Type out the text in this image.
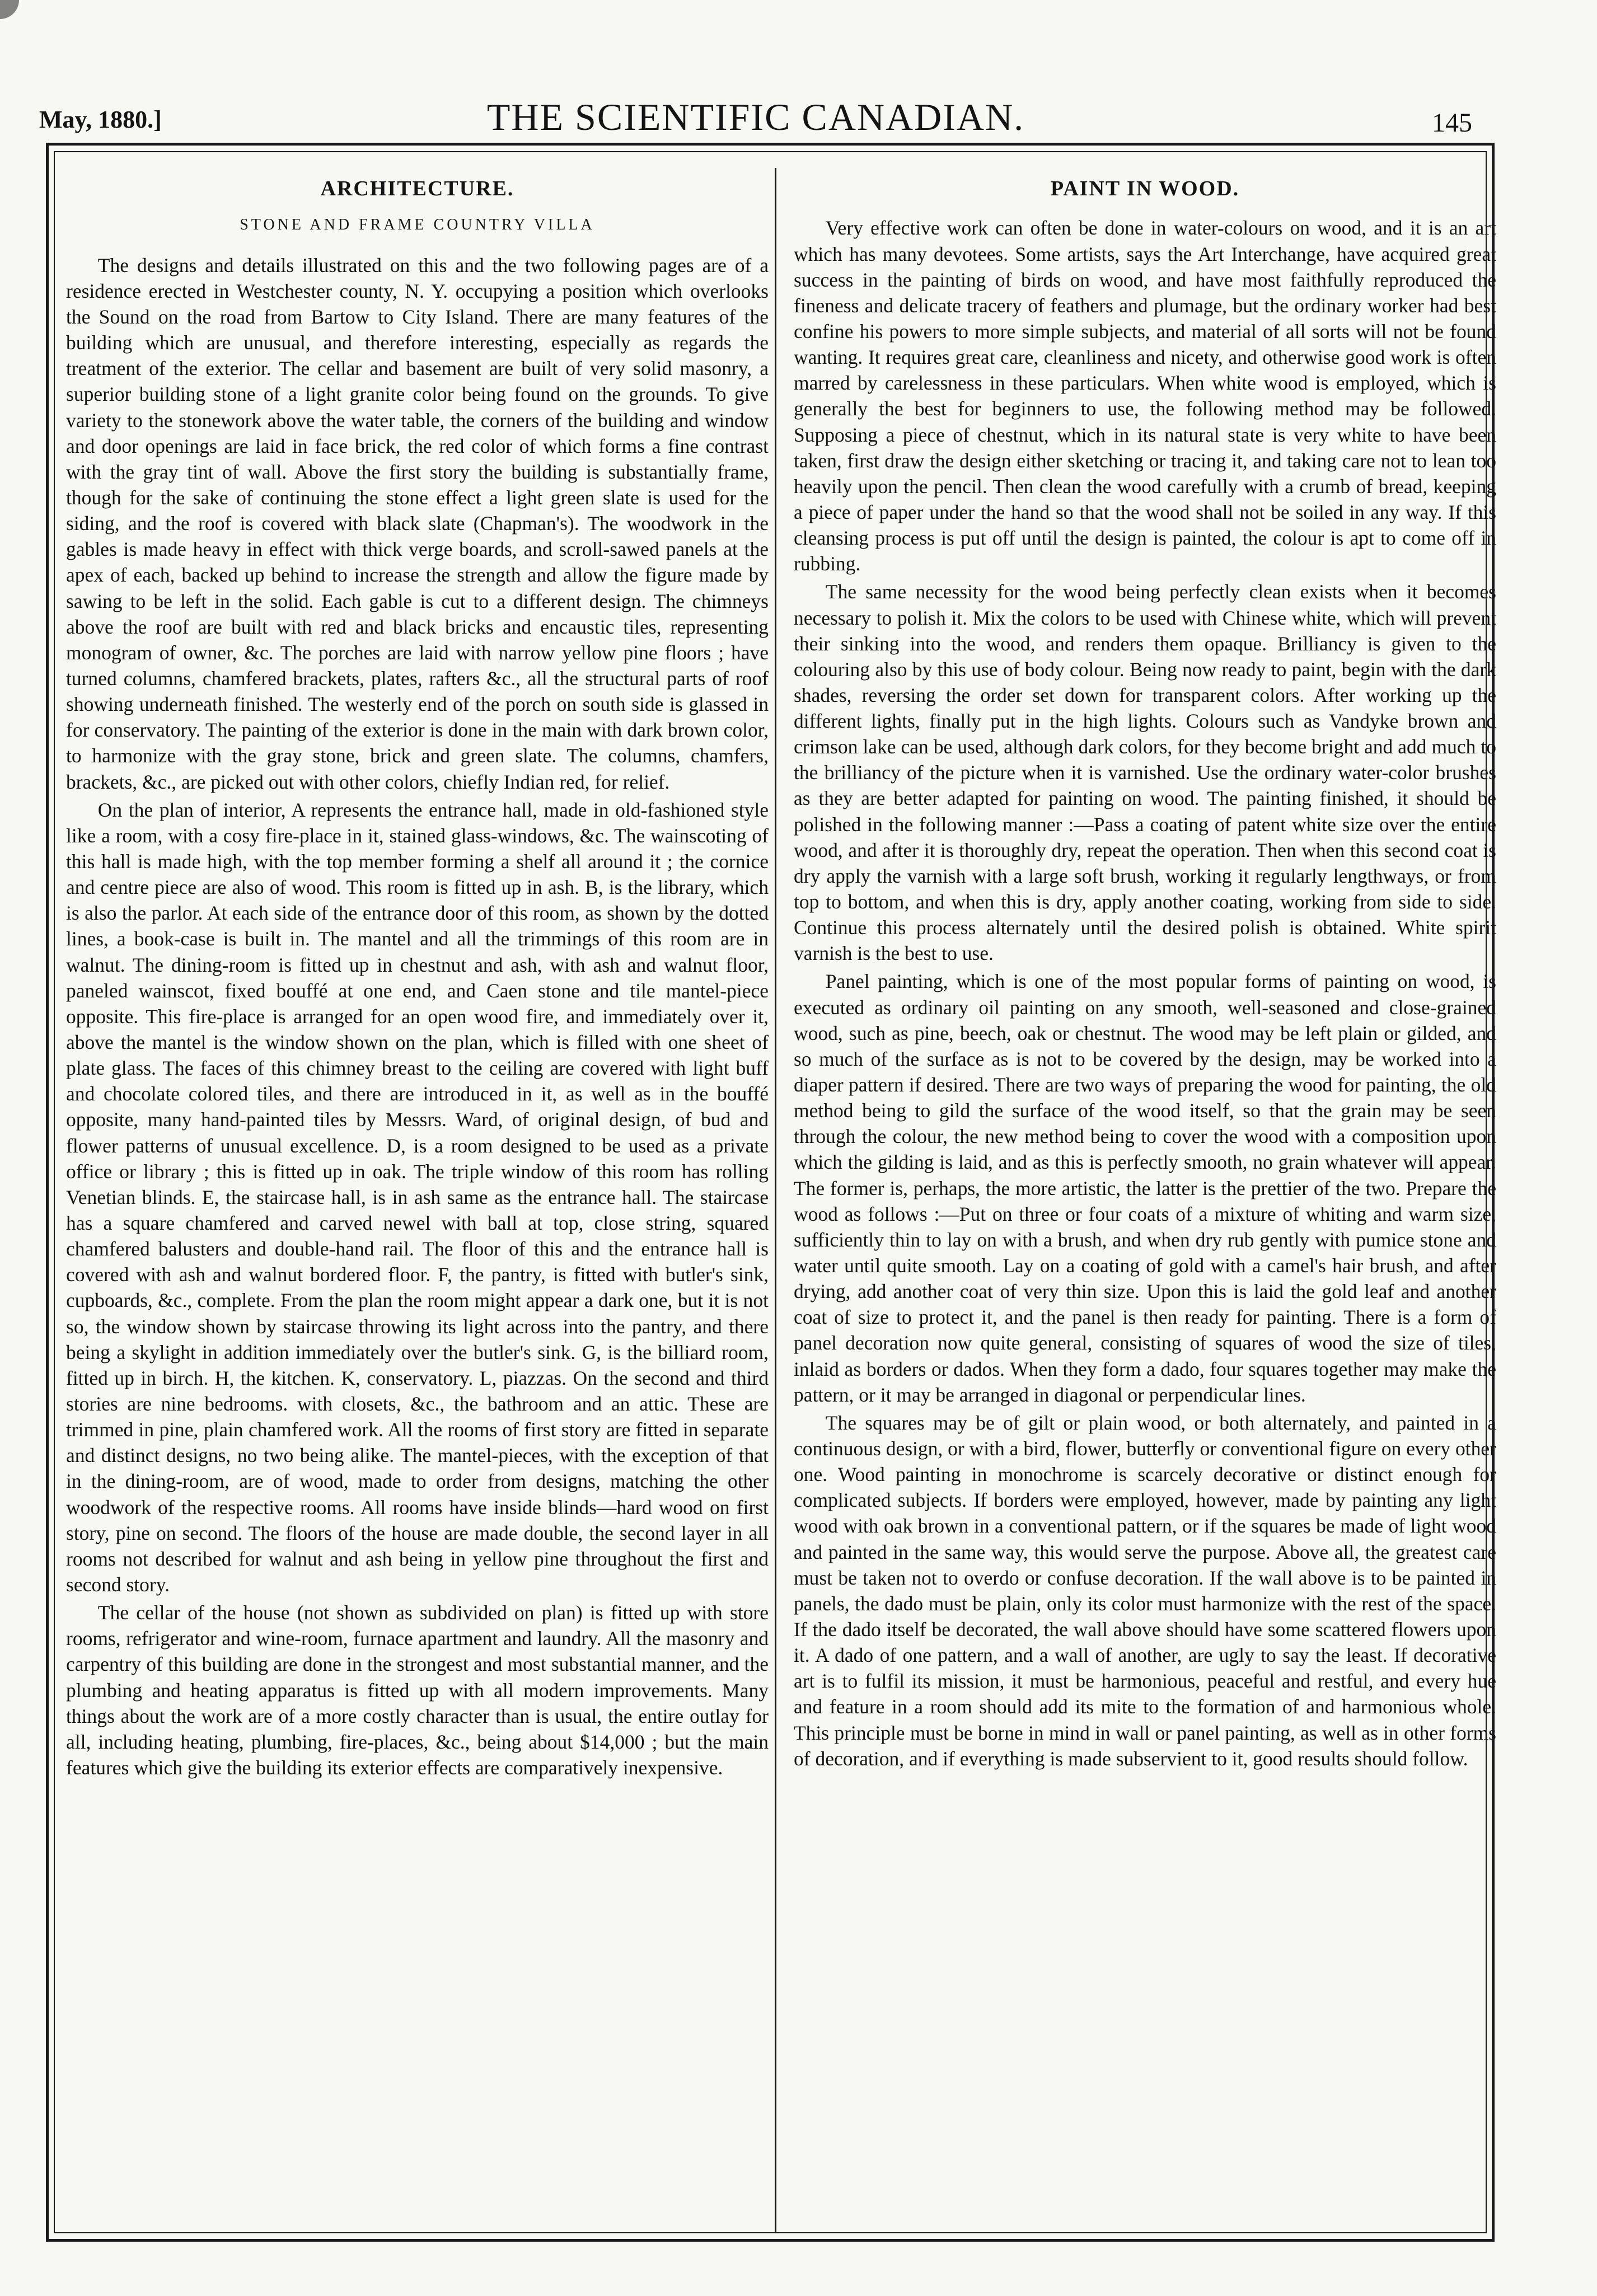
May, 1880.]	THE SCIENTIFIC CANADIAN.	145
ARCHITECTURE.
STONE AND FRAME COUNTRY VILLA

The designs and details illustrated on this and the two following pages are of a residence erected in Westchester county, N. Y. occupying a position which overlooks the Sound on the road from Bartow to City Island. There are many features of the building which are unusual, and therefore interesting, especially as regards the treatment of the exterior. The cellar and basement are built of very solid masonry, a superior building stone of a light granite color being found on the grounds. To give variety to the stonework above the water table, the corners of the building and window and door openings are laid in face brick, the red color of which forms a fine contrast with the gray tint of wall. Above the first story the building is substantially frame, though for the sake of continuing the stone effect a light green slate is used for the siding, and the roof is covered with black slate (Chapman's). The woodwork in the gables is made heavy in effect with thick verge boards, and scroll-sawed panels at the apex of each, backed up behind to increase the strength and allow the figure made by sawing to be left in the solid. Each gable is cut to a different design. The chimneys above the roof are built with red and black bricks and encaustic tiles, representing monogram of owner, &c. The porches are laid with narrow yellow pine floors ; have turned columns, chamfered brackets, plates, rafters &c., all the structural parts of roof showing underneath finished. The westerly end of the porch on south side is glassed in for conservatory. The painting of the exterior is done in the main with dark brown color, to harmonize with the gray stone, brick and green slate. The columns, chamfers, brackets, &c., are picked out with other colors, chiefly Indian red, for relief.

On the plan of interior, A represents the entrance hall, made in old-fashioned style like a room, with a cosy fire-place in it, stained glass-windows, &c. The wainscoting of this hall is made high, with the top member forming a shelf all around it ; the cornice and centre piece are also of wood. This room is fitted up in ash. B, is the library, which is also the parlor. At each side of the entrance door of this room, as shown by the dotted lines, a book-case is built in. The mantel and all the trimmings of this room are in walnut. The dining-room is fitted up in chestnut and ash, with ash and walnut floor, paneled wainscot, fixed bouffé at one end, and Caen stone and tile mantel-piece opposite. This fire-place is arranged for an open wood fire, and immediately over it, above the mantel is the window shown on the plan, which is filled with one sheet of plate glass. The faces of this chimney breast to the ceiling are covered with light buff and chocolate colored tiles, and there are introduced in it, as well as in the bouffé opposite, many hand-painted tiles by Messrs. Ward, of original design, of bud and flower patterns of unusual excellence. D, is a room designed to be used as a private office or library ; this is fitted up in oak. The triple window of this room has rolling Venetian blinds. E, the staircase hall, is in ash same as the entrance hall. The staircase has a square chamfered and carved newel with ball at top, close string, squared chamfered balusters and double-hand rail. The floor of this and the entrance hall is covered with ash and walnut bordered floor. F, the pantry, is fitted with butler's sink, cupboards, &c., complete. From the plan the room might appear a dark one, but it is not so, the window shown by staircase throwing its light across into the pantry, and there being a skylight in addition immediately over the butler's sink. G, is the billiard room, fitted up in birch. H, the kitchen. K, conservatory. L, piazzas. On the second and third stories are nine bedrooms. with closets, &c., the bathroom and an attic. These are trimmed in pine, plain chamfered work. All the rooms of first story are fitted in separate and distinct designs, no two being alike. The mantel-pieces, with the exception of that in the dining-room, are of wood, made to order from designs, matching the other woodwork of the respective rooms. All rooms have inside blinds—hard wood on first story, pine on second. The floors of the house are made double, the second layer in all rooms not described for walnut and ash being in yellow pine throughout the first and second story.

The cellar of the house (not shown as subdivided on plan) is fitted up with store rooms, refrigerator and wine-room, furnace apartment and laundry. All the masonry and carpentry of this building are done in the strongest and most substantial manner, and the plumbing and heating apparatus is fitted up with all modern improvements. Many things about the work are of a more costly character than is usual, the entire outlay for all, including heating, plumbing, fire-places, &c., being about $14,000 ; but the main features which give the building its exterior effects are comparatively inexpensive.

PAINT IN WOOD.

Very effective work can often be done in water-colours on wood, and it is an art which has many devotees. Some artists, says the Art Interchange, have acquired great success in the painting of birds on wood, and have most faithfully reproduced the fineness and delicate tracery of feathers and plumage, but the ordinary worker had best confine his powers to more simple subjects, and material of all sorts will not be found wanting. It requires great care, cleanliness and nicety, and otherwise good work is often marred by carelessness in these particulars. When white wood is employed, which is generally the best for beginners to use, the following method may be followed. Supposing a piece of chestnut, which in its natural state is very white to have been taken, first draw the design either sketching or tracing it, and taking care not to lean too heavily upon the pencil. Then clean the wood carefully with a crumb of bread, keeping a piece of paper under the hand so that the wood shall not be soiled in any way. If this cleansing process is put off until the design is painted, the colour is apt to come off in rubbing.

The same necessity for the wood being perfectly clean exists when it becomes necessary to polish it. Mix the colors to be used with Chinese white, which will prevent their sinking into the wood, and renders them opaque. Brilliancy is given to the colouring also by this use of body colour. Being now ready to paint, begin with the dark shades, reversing the order set down for transparent colors. After working up the different lights, finally put in the high lights. Colours such as Vandyke brown and crimson lake can be used, although dark colors, for they become bright and add much to the brilliancy of the picture when it is varnished. Use the ordinary water-color brushes as they are better adapted for painting on wood. The painting finished, it should be polished in the following manner :—Pass a coating of patent white size over the entire wood, and after it is thoroughly dry, repeat the operation. Then when this second coat is dry apply the varnish with a large soft brush, working it regularly lengthways, or from top to bottom, and when this is dry, apply another coating, working from side to side. Continue this process alternately until the desired polish is obtained. White spirit varnish is the best to use.

Panel painting, which is one of the most popular forms of painting on wood, is executed as ordinary oil painting on any smooth, well-seasoned and close-grained wood, such as pine, beech, oak or chestnut. The wood may be left plain or gilded, and so much of the surface as is not to be covered by the design, may be worked into a diaper pattern if desired. There are two ways of preparing the wood for painting, the old method being to gild the surface of the wood itself, so that the grain may be seen through the colour, the new method being to cover the wood with a composition upon which the gilding is laid, and as this is perfectly smooth, no grain whatever will appear. The former is, perhaps, the more artistic, the latter is the prettier of the two. Prepare the wood as follows :—Put on three or four coats of a mixture of whiting and warm size, sufficiently thin to lay on with a brush, and when dry rub gently with pumice stone and water until quite smooth. Lay on a coating of gold with a camel's hair brush, and after drying, add another coat of very thin size. Upon this is laid the gold leaf and another coat of size to protect it, and the panel is then ready for painting. There is a form of panel decoration now quite general, consisting of squares of wood the size of tiles, inlaid as borders or dados. When they form a dado, four squares together may make the pattern, or it may be arranged in diagonal or perpendicular lines.

The squares may be of gilt or plain wood, or both alternately, and painted in a continuous design, or with a bird, flower, butterfly or conventional figure on every other one. Wood painting in monochrome is scarcely decorative or distinct enough for complicated subjects. If borders were employed, however, made by painting any light wood with oak brown in a conventional pattern, or if the squares be made of light wood and painted in the same way, this would serve the purpose. Above all, the greatest care must be taken not to overdo or confuse decoration. If the wall above is to be painted in panels, the dado must be plain, only its color must harmonize with the rest of the space. If the dado itself be decorated, the wall above should have some scattered flowers upon it. A dado of one pattern, and a wall of another, are ugly to say the least. If decorative art is to fulfil its mission, it must be harmonious, peaceful and restful, and every hue and feature in a room should add its mite to the formation of and harmonious whole. This principle must be borne in mind in wall or panel painting, as well as in other forms of decoration, and if everything is made subservient to it, good results should follow.
